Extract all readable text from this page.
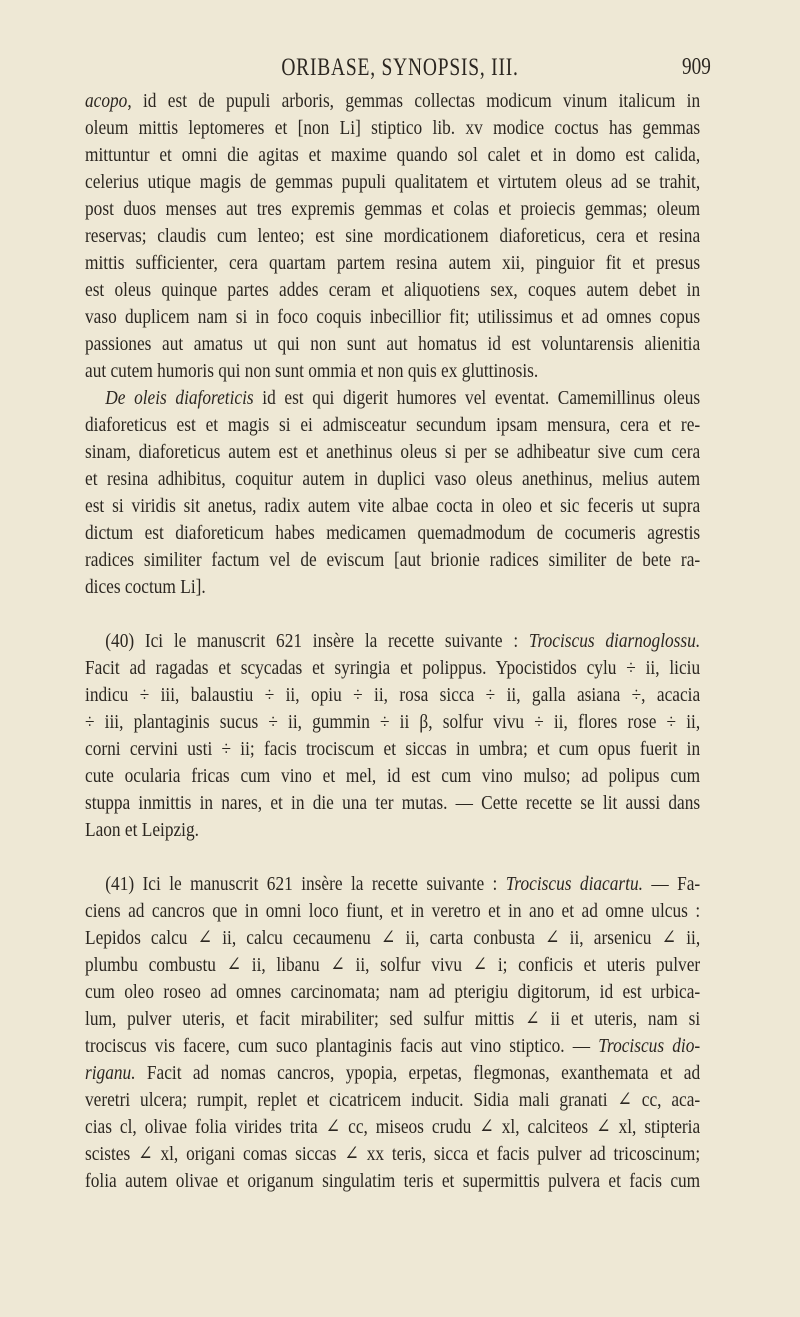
ORIBASE, SYNOPSIS, III.	909
acopo, id est de pupuli arboris, gemmas collectas modicum vinum italicum in
oleum mittis leptomeres et [non Li] stiptico lib. xv modice coctus has gemmas
mittuntur et omni die agitas et maxime quando sol calet et in domo est calida,
celerius utique magis de gemmas pupuli qualitatem et virtutem oleus ad se trahit,
post duos menses aut tres expremis gemmas et colas et proiecis gemmas; oleum
reservas; claudis cum lenteo; est sine mordicationem diaforeticus, cera et resina
mittis sufficienter, cera quartam partem resina autem xii, pinguior fit et presus
est oleus quinque partes addes ceram et aliquotiens sex, coques autem debet in
vaso duplicem nam si in foco coquis inbecillior fit; utilissimus et ad omnes copus
passiones aut amatus ut qui non sunt aut homatus id est voluntarensis alienitia
aut cutem humoris qui non sunt ommia et non quis ex gluttinosis.
De oleis diaforeticis id est qui digerit humores vel eventat. Camemillinus oleus
diaforeticus est et magis si ei admisceatur secundum ipsam mensura, cera et re-
sinam, diaforeticus autem est et anethinus oleus si per se adhibeatur sive cum cera
et resina adhibitus, coquitur autem in duplici vaso oleus anethinus, melius autem
est si viridis sit anetus, radix autem vite albae cocta in oleo et sic feceris ut supra
dictum est diaforeticum habes medicamen quemadmodum de cocumeris agrestis
radices similiter factum vel de eviscum [aut brionie radices similiter de bete ra-
dices coctum Li].
(40) Ici le manuscrit 621 insère la recette suivante : Trociscus diarnoglossu.
Facit ad ragadas et scycadas et syringia et polippus. Ypocistidos cylu ÷ ii, liciu
indicu ÷ iii, balaustiu ÷ ii, opiu ÷ ii, rosa sicca ÷ ii, galla asiana ÷, acacia
÷ iii, plantaginis sucus ÷ ii, gummin ÷ ii β, solfur vivu ÷ ii, flores rose ÷ ii,
corni cervini usti ÷ ii; facis trociscum et siccas in umbra; et cum opus fuerit in
cute ocularia fricas cum vino et mel, id est cum vino mulso; ad polipus cum
stuppa inmittis in nares, et in die una ter mutas. — Cette recette se lit aussi dans
Laon et Leipzig.
(41) Ici le manuscrit 621 insère la recette suivante : Trociscus diacartu. — Fa-
ciens ad cancros que in omni loco fiunt, et in veretro et in ano et ad omne ulcus :
Lepidos calcu ∠ ii, calcu cecaumenu ∠ ii, carta conbusta ∠ ii, arsenicu ∠ ii,
plumbu combustu ∠ ii, libanu ∠ ii, solfur vivu ∠ i; conficis et uteris pulver
cum oleo roseo ad omnes carcinomata; nam ad pterigiu digitorum, id est urbica-
lum, pulver uteris, et facit mirabiliter; sed sulfur mittis ∠ ii et uteris, nam si
trociscus vis facere, cum suco plantaginis facis aut vino stiptico. — Trociscus dio-
riganu. Facit ad nomas cancros, ypopia, erpetas, flegmonas, exanthemata et ad
veretri ulcera; rumpit, replet et cicatricem inducit. Sidia mali granati ∠ cc, aca-
cias cl, olivae folia virides trita ∠ cc, miseos crudu ∠ xl, calciteos ∠ xl, stipteria
scistes ∠ xl, origani comas siccas ∠ xx teris, sicca et facis pulver ad tricoscinum;
folia autem olivae et origanum singulatim teris et supermittis pulvera et facis cum
